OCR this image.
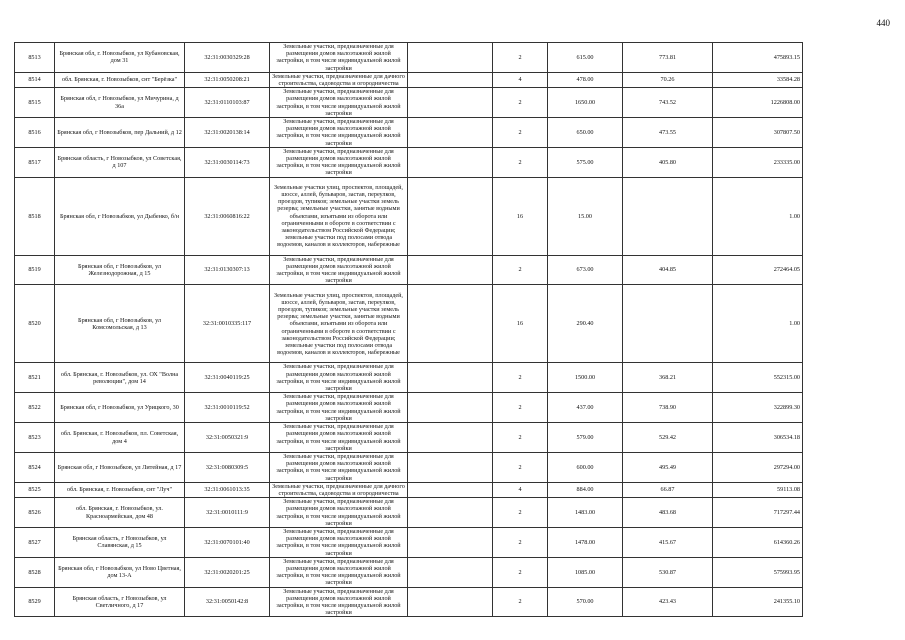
440
8513	Брянская обл, г. Новозыбков, ул Кубановская, дом 31	32:31:0030329:28	Земельные участки, предназначенные для размещения домов малоэтажной жилой застройки, в том числе индивидуальной жилой застройки		2	615.00	773.81	475893.15
8514	обл. Брянская, г. Новозыбков, снт "Берёзка"	32:31:0050208:21	Земельные участки, предназначенные для дачного строительства, садоводства и огородничества		4	478.00	70.26	33584.28
8515	Брянская обл, г Новозыбков, ул Мичурина, д 36а	32:31:0110103:87	Земельные участки, предназначенные для размещения домов малоэтажной жилой застройки, в том числе индивидуальной жилой застройки		2	1650.00	743.52	1226808.00
8516	Брянская обл, г Новозыбков, пер Дальний, д 12	32:31:0020138:14	Земельные участки, предназначенные для размещения домов малоэтажной жилой застройки, в том числе индивидуальной жилой застройки		2	650.00	473.55	307807.50
8517	Брянская область, г Новозыбков, ул Советская, д 107	32:31:0030114:73	Земельные участки, предназначенные для размещения домов малоэтажной жилой застройки, в том числе индивидуальной жилой застройки		2	575.00	405.80	233335.00
8518	Брянская обл, г Новозыбков, ул Дыбенко, б/н	32:31:0060816:22	Земельные участки улиц, проспектов, площадей, шоссе, аллей, бульваров, застав, переулков, проездов, тупиков; земельные участки земель резерва; земельные участки, занятые водными объектами, изъятыми из оборота или ограниченными в обороте в соответствии с законодательством Российской Федерации; земельные участки под полосами отвода водоемов, каналов и коллекторов, набережные		16	15.00		1.00
8519	Брянская обл, г Новозыбков, ул Железнодорожная, д 15	32:31:0130307:13	Земельные участки, предназначенные для размещения домов малоэтажной жилой застройки, в том числе индивидуальной жилой застройки		2	673.00	404.85	272464.05
8520	Брянская обл, г Новозыбков, ул Комсомольская, д 13	32:31:0010335:117	Земельные участки улиц, проспектов, площадей, шоссе, аллей, бульваров, застав, переулков, проездов, тупиков; земельные участки земель резерва; земельные участки, занятые водными объектами, изъятыми из оборота или ограниченными в обороте в соответствии с законодательством Российской Федерации; земельные участки под полосами отвода водоемов, каналов и коллекторов, набережные		16	290.40		1.00
8521	обл. Брянская, г. Новозыбков, ул. ОХ "Волна революции", дом 14	32:31:0040119:25	Земельные участки, предназначенные для размещения домов малоэтажной жилой застройки, в том числе индивидуальной жилой застройки		2	1500.00	368.21	552315.00
8522	Брянская обл, г Новозыбков, ул Урицкого, 30	32:31:0010119:52	Земельные участки, предназначенные для размещения домов малоэтажной жилой застройки, в том числе индивидуальной жилой застройки		2	437.00	738.90	322899.30
8523	обл. Брянская, г. Новозыбков, пл. Советская, дом 4	32:31:0050321:9	Земельные участки, предназначенные для размещения домов малоэтажной жилой застройки, в том числе индивидуальной жилой застройки		2	579.00	529.42	306534.18
8524	Брянская обл, г Новозыбков, ул Литейная, д 17	32:31:0080309:5	Земельные участки, предназначенные для размещения домов малоэтажной жилой застройки, в том числе индивидуальной жилой застройки		2	600.00	495.49	297294.00
8525	обл. Брянская, г. Новозыбков, снт "Луч"	32:31:0061013:35	Земельные участки, предназначенные для дачного строительства, садоводства и огородничества		4	884.00	66.87	59113.08
8526	обл. Брянская, г. Новозыбков, ул. Красноармейская, дом 48	32:31:0010111:9	Земельные участки, предназначенные для размещения домов малоэтажной жилой застройки, в том числе индивидуальной жилой застройки		2	1483.00	483.68	717297.44
8527	Брянская область, г Новозыбков, ул Славянская, д 15	32:31:0070101:40	Земельные участки, предназначенные для размещения домов малоэтажной жилой застройки, в том числе индивидуальной жилой застройки		2	1478.00	415.67	614360.26
8528	Брянская обл, г Новозыбков, ул Ново Цветная, дом 13-А	32:31:0020201:25	Земельные участки, предназначенные для размещения домов малоэтажной жилой застройки, в том числе индивидуальной жилой застройки		2	1085.00	530.87	575993.95
8529	Брянская область, г Новозыбков, ул Светличного, д 17	32:31:0050142:8	Земельные участки, предназначенные для размещения домов малоэтажной жилой застройки, в том числе индивидуальной жилой застройки		2	570.00	423.43	241355.10
